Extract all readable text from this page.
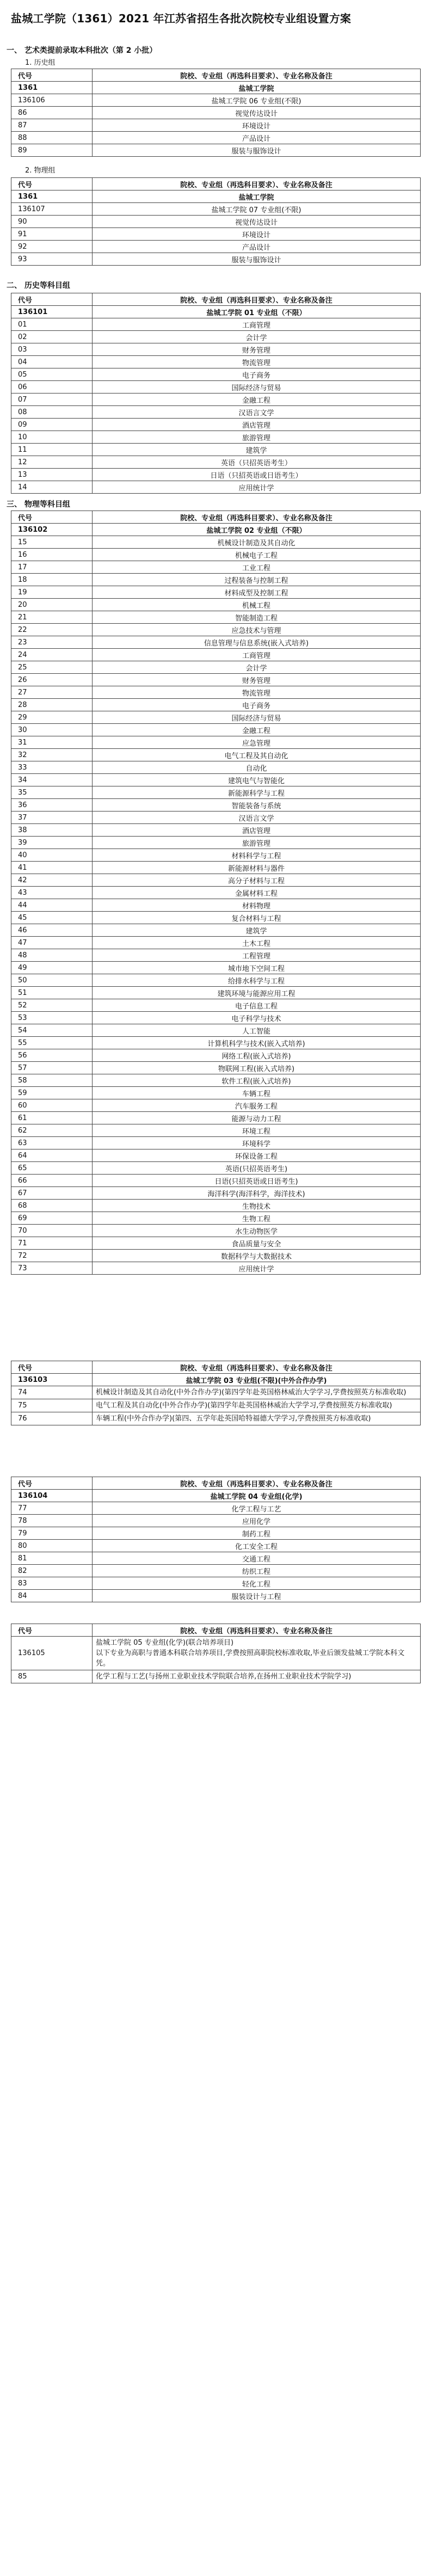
盐城工学院（1361）2021 年江苏省招生各批次院校专业组设置方案
一、 艺术类提前录取本科批次（第 2 小批）
1. 历史组
代号	院校、专业组（再选科目要求）、专业名称及备注
1361	盐城工学院
136106	盐城工学院 06 专业组(不限)
86	视觉传达设计
87	环境设计
88	产品设计
89	服装与服饰设计
2. 物理组
代号	院校、专业组（再选科目要求）、专业名称及备注
1361	盐城工学院
136107	盐城工学院 07 专业组(不限)
90	视觉传达设计
91	环境设计
92	产品设计
93	服装与服饰设计
二、 历史等科目组
代号	院校、专业组（再选科目要求）、专业名称及备注
136101	盐城工学院 01 专业组（不限）
01	工商管理
02	会计学
03	财务管理
04	物流管理
05	电子商务
06	国际经济与贸易
07	金融工程
08	汉语言文学
09	酒店管理
10	旅游管理
11	建筑学
12	英语（只招英语考生）
13	日语（只招英语或日语考生）
14	应用统计学
三、 物理等科目组
代号	院校、专业组（再选科目要求）、专业名称及备注
136102	盐城工学院 02 专业组（不限）
15	机械设计制造及其自动化
16	机械电子工程
17	工业工程
18	过程装备与控制工程
19	材料成型及控制工程
20	机械工程
21	智能制造工程
22	应急技术与管理
23	信息管理与信息系统(嵌入式培养)
24	工商管理
25	会计学
26	财务管理
27	物流管理
28	电子商务
29	国际经济与贸易
30	金融工程
31	应急管理
32	电气工程及其自动化
33	自动化
34	建筑电气与智能化
35	新能源科学与工程
36	智能装备与系统
37	汉语言文学
38	酒店管理
39	旅游管理
40	材料科学与工程
41	新能源材料与器件
42	高分子材料与工程
43	金属材料工程
44	材料物理
45	复合材料与工程
46	建筑学
47	土木工程
48	工程管理
49	城市地下空间工程
50	给排水科学与工程
51	建筑环境与能源应用工程
52	电子信息工程
53	电子科学与技术
54	人工智能
55	计算机科学与技术(嵌入式培养)
56	网络工程(嵌入式培养)
57	物联网工程(嵌入式培养)
58	软件工程(嵌入式培养)
59	车辆工程
60	汽车服务工程
61	能源与动力工程
62	环境工程
63	环境科学
64	环保设备工程
65	英语(只招英语考生)
66	日语(只招英语或日语考生)
67	海洋科学(海洋科学，海洋技术)
68	生物技术
69	生物工程
70	水生动物医学
71	食品质量与安全
72	数据科学与大数据技术
73	应用统计学
代号	院校、专业组（再选科目要求）、专业名称及备注
136103	盐城工学院 03 专业组(不限)(中外合作办学)
74	机械设计制造及其自动化(中外合作办学)(第四学年赴英国格林威治大学学习,学费按照英方标准收取)
75	电气工程及其自动化(中外合作办学)(第四学年赴英国格林威治大学学习,学费按照英方标准收取)
76	车辆工程(中外合作办学)(第四、五学年赴英国哈特福德大学学习,学费按照英方标准收取)
代号	院校、专业组（再选科目要求）、专业名称及备注
136104	盐城工学院 04 专业组(化学)
77	化学工程与工艺
78	应用化学
79	制药工程
80	化工安全工程
81	交通工程
82	纺织工程
83	轻化工程
84	服装设计与工程
代号	院校、专业组（再选科目要求）、专业名称及备注
136105	盐城工学院 05 专业组(化学)(联合培养项目)
以下专业为高职与普通本科联合培养项目,学费按照高职院校标准收取,毕业后颁发盐城工学院本科文凭。
85	化学工程与工艺(与扬州工业职业技术学院联合培养,在扬州工业职业技术学院学习)
